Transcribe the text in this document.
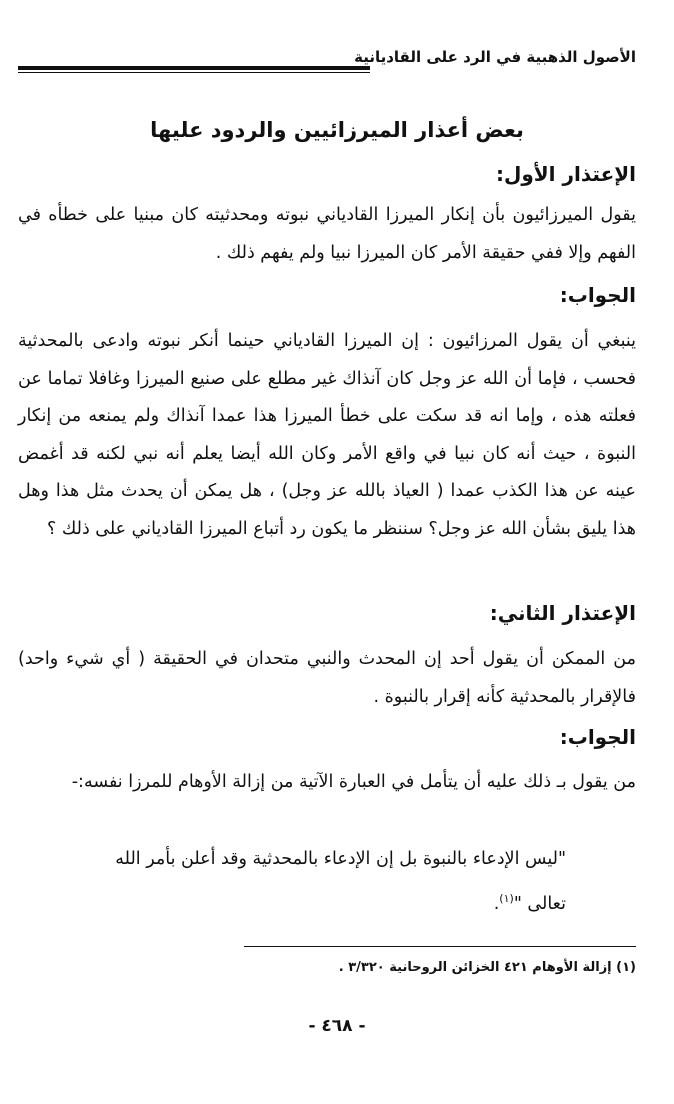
الأصول الذهبية في الرد على القاديانية
بعض أعذار الميرزائيين والردود عليها
الإعتذار الأول:
يقول الميرزائيون بأن إنكار الميرزا القادياني نبوته ومحدثيته كان مبنيا على خطأه في الفهم وإلا ففي حقيقة الأمر كان الميرزا نبيا ولم يفهم ذلك .
الجواب:
ينبغي أن يقول المرزائيون : إن الميرزا القادياني حينما أنكر نبوته وادعى بالمحدثية فحسب ، فإما أن الله عز وجل كان آنذاك غير مطلع على صنيع الميرزا وغافلا تماما عن فعلته هذه ، وإما انه قد سكت على خطأ الميرزا هذا عمدا آنذاك ولم يمنعه من إنكار النبوة ، حيث أنه كان نبيا في واقع الأمر وكان الله أيضا يعلم أنه نبي لكنه قد أغمض عينه عن هذا الكذب عمدا ( العياذ بالله عز وجل) ، هل يمكن أن يحدث مثل هذا وهل هذا يليق بشأن الله عز وجل؟ سننظر ما يكون رد أتباع الميرزا القادياني على ذلك ؟
الإعتذار الثاني:
من الممكن أن يقول أحد إن المحدث والنبي متحدان في الحقيقة ( أي شيء واحد) فالإقرار بالمحدثية كأنه إقرار بالنبوة .
الجواب:
من يقول بـ ذلك عليه أن يتأمل في العبارة الآتية من إزالة الأوهام للمرزا نفسه:-
"ليس الإدعاء بالنبوة بل إن الإدعاء بالمحدثية وقد أعلن بأمر الله تعالى "$^{(١)}$.
(١) إزالة الأوهام ٤٢١ الخزائن الروحانية ٣/٣٢٠ .
- ٤٦٨ -
